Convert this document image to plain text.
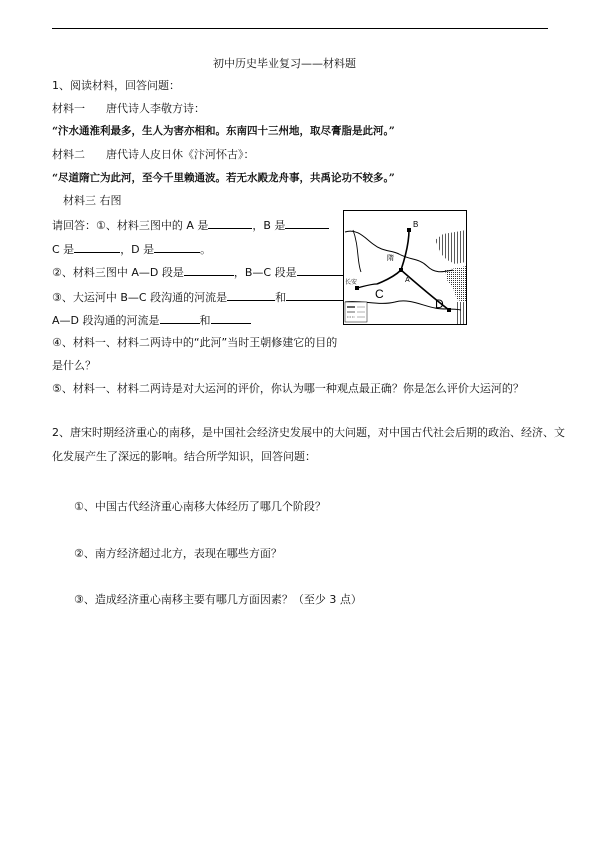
初中历史毕业复习——材料题
1、阅读材料，回答问题：
材料一 唐代诗人李敬方诗：
“汴水通淮利最多，生人为害亦相和。东南四十三州地，取尽膏脂是此河。”
材料二 唐代诗人皮日休《汴河怀古》：
“尽道隋亡为此河，至今千里赖通波。若无水殿龙舟事，共禹论功不较多。”
材料三 右图
请回答：①、材料三图中的 A 是	，B 是
C 是	，D 是	。
②、材料三图中 A—D 段是	，B—C 段是
③、大运河中 B—C 段沟通的河流是	和
A—D 段沟通的河流是	和
④、材料一、材料二两诗中的“此河”当时王朝修建它的目的
是什么？
⑤、材料一、材料二两诗是对大运河的评价，你认为哪一种观点最正确？你是怎么评价大运河的？
B
隋
A
C
长安
D
2、唐宋时期经济重心的南移，是中国社会经济史发展中的大问题，对中国古代社会后期的政治、经济、文
化发展产生了深远的影响。结合所学知识，回答问题：
①、中国古代经济重心南移大体经历了哪几个阶段？
②、南方经济超过北方，表现在哪些方面？
③、造成经济重心南移主要有哪几方面因素？（至少 3 点）
